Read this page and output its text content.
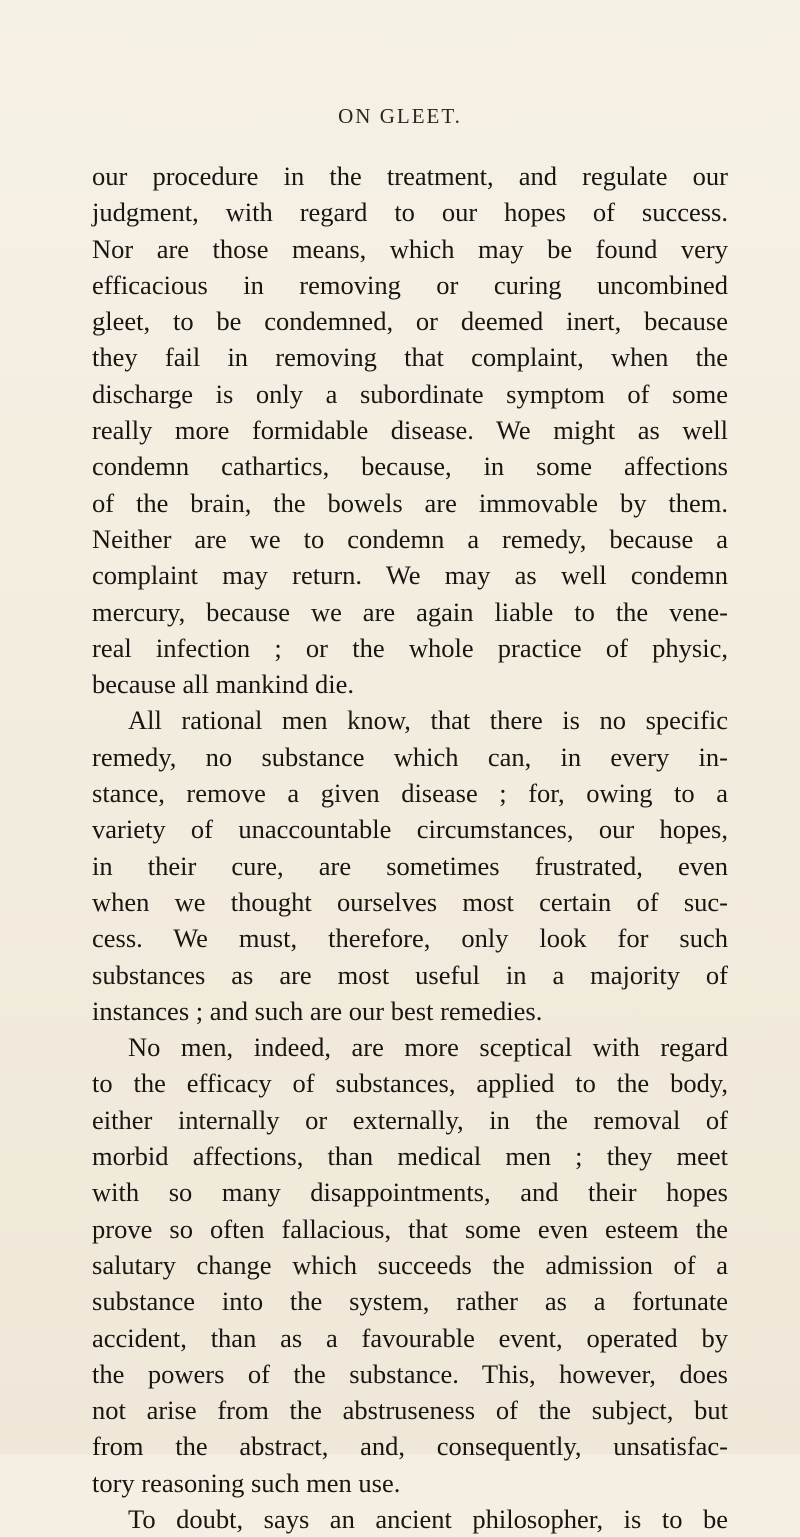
ON GLEET.
our procedure in the treatment, and regulate our
judgment, with regard to our hopes of success.
Nor are those means, which may be found very
efficacious in removing or curing uncombined
gleet, to be condemned, or deemed inert, because
they fail in removing that complaint, when the
discharge is only a subordinate symptom of some
really more formidable disease. We might as well
condemn cathartics, because, in some affections
of the brain, the bowels are immovable by them.
Neither are we to condemn a remedy, because a
complaint may return. We may as well condemn
mercury, because we are again liable to the vene-
real infection ; or the whole practice of physic,
because all mankind die.
All rational men know, that there is no specific
remedy, no substance which can, in every in-
stance, remove a given disease ; for, owing to a
variety of unaccountable circumstances, our hopes,
in their cure, are sometimes frustrated, even
when we thought ourselves most certain of suc-
cess. We must, therefore, only look for such
substances as are most useful in a majority of
instances ; and such are our best remedies.
No men, indeed, are more sceptical with regard
to the efficacy of substances, applied to the body,
either internally or externally, in the removal of
morbid affections, than medical men ; they meet
with so many disappointments, and their hopes
prove so often fallacious, that some even esteem the
salutary change which succeeds the admission of a
substance into the system, rather as a fortunate
accident, than as a favourable event, operated by
the powers of the substance. This, however, does
not arise from the abstruseness of the subject, but
from the abstract, and, consequently, unsatisfac-
tory reasoning such men use.
To doubt, says an ancient philosopher, is to be
